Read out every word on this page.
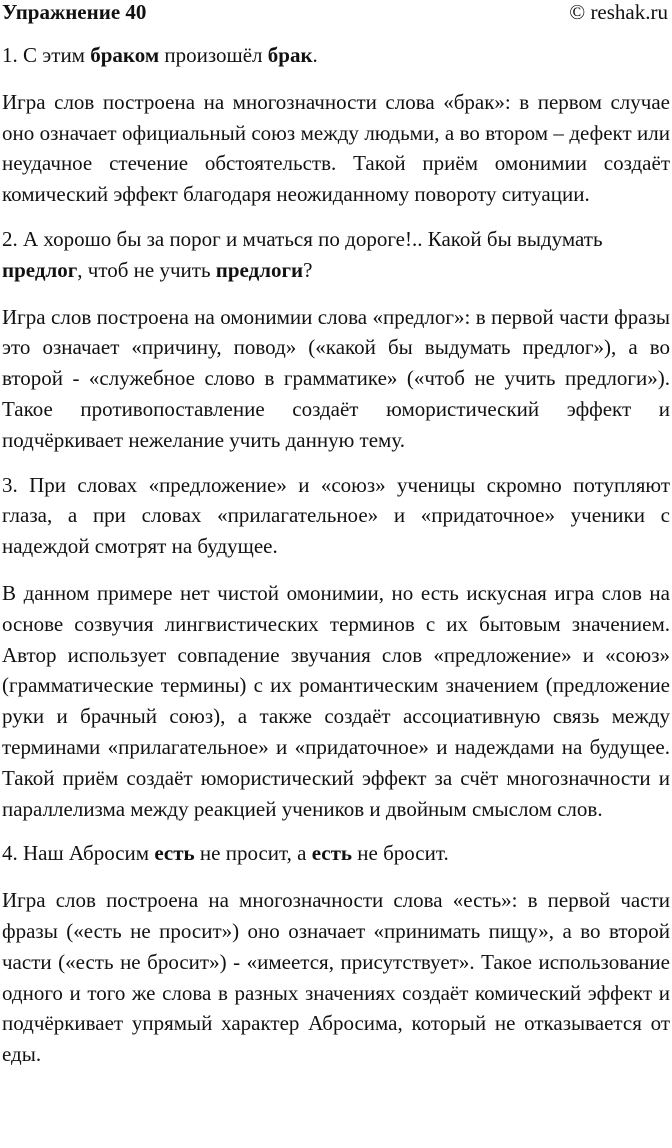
Упражнение 40	© reshak.ru

1. С этим браком произошёл брак.

Игра слов построена на многозначности слова «брак»: в первом случае оно означает официальный союз между людьми, а во втором – дефект или неудачное стечение обстоятельств. Такой приём омонимии создаёт комический эффект благодаря неожиданному повороту ситуации.

2. А хорошо бы за порог и мчаться по дороге!.. Какой бы выдумать предлог, чтоб не учить предлоги?

Игра слов построена на омонимии слова «предлог»: в первой части фразы это означает «причину, повод» («какой бы выдумать предлог»), а во второй - «служебное слово в грамматике» («чтоб не учить предлоги»). Такое противопоставление создаёт юмористический эффект и подчёркивает нежелание учить данную тему.

3. При словах «предложение» и «союз» ученицы скромно потупляют глаза, а при словах «прилагательное» и «придаточное» ученики с надеждой смотрят на будущее.

В данном примере нет чистой омонимии, но есть искусная игра слов на основе созвучия лингвистических терминов с их бытовым значением. Автор использует совпадение звучания слов «предложение» и «союз» (грамматические термины) с их романтическим значением (предложение руки и брачный союз), а также создаёт ассоциативную связь между терминами «прилагательное» и «придаточное» и надеждами на будущее. Такой приём создаёт юмористический эффект за счёт многозначности и параллелизма между реакцией учеников и двойным смыслом слов.

4. Наш Абросим есть не просит, а есть не бросит.

Игра слов построена на многозначности слова «есть»: в первой части фразы («есть не просит») оно означает «принимать пищу», а во второй части («есть не бросит») - «имеется, присутствует». Такое использование одного и того же слова в разных значениях создаёт комический эффект и подчёркивает упрямый характер Абросима, который не отказывается от еды.
